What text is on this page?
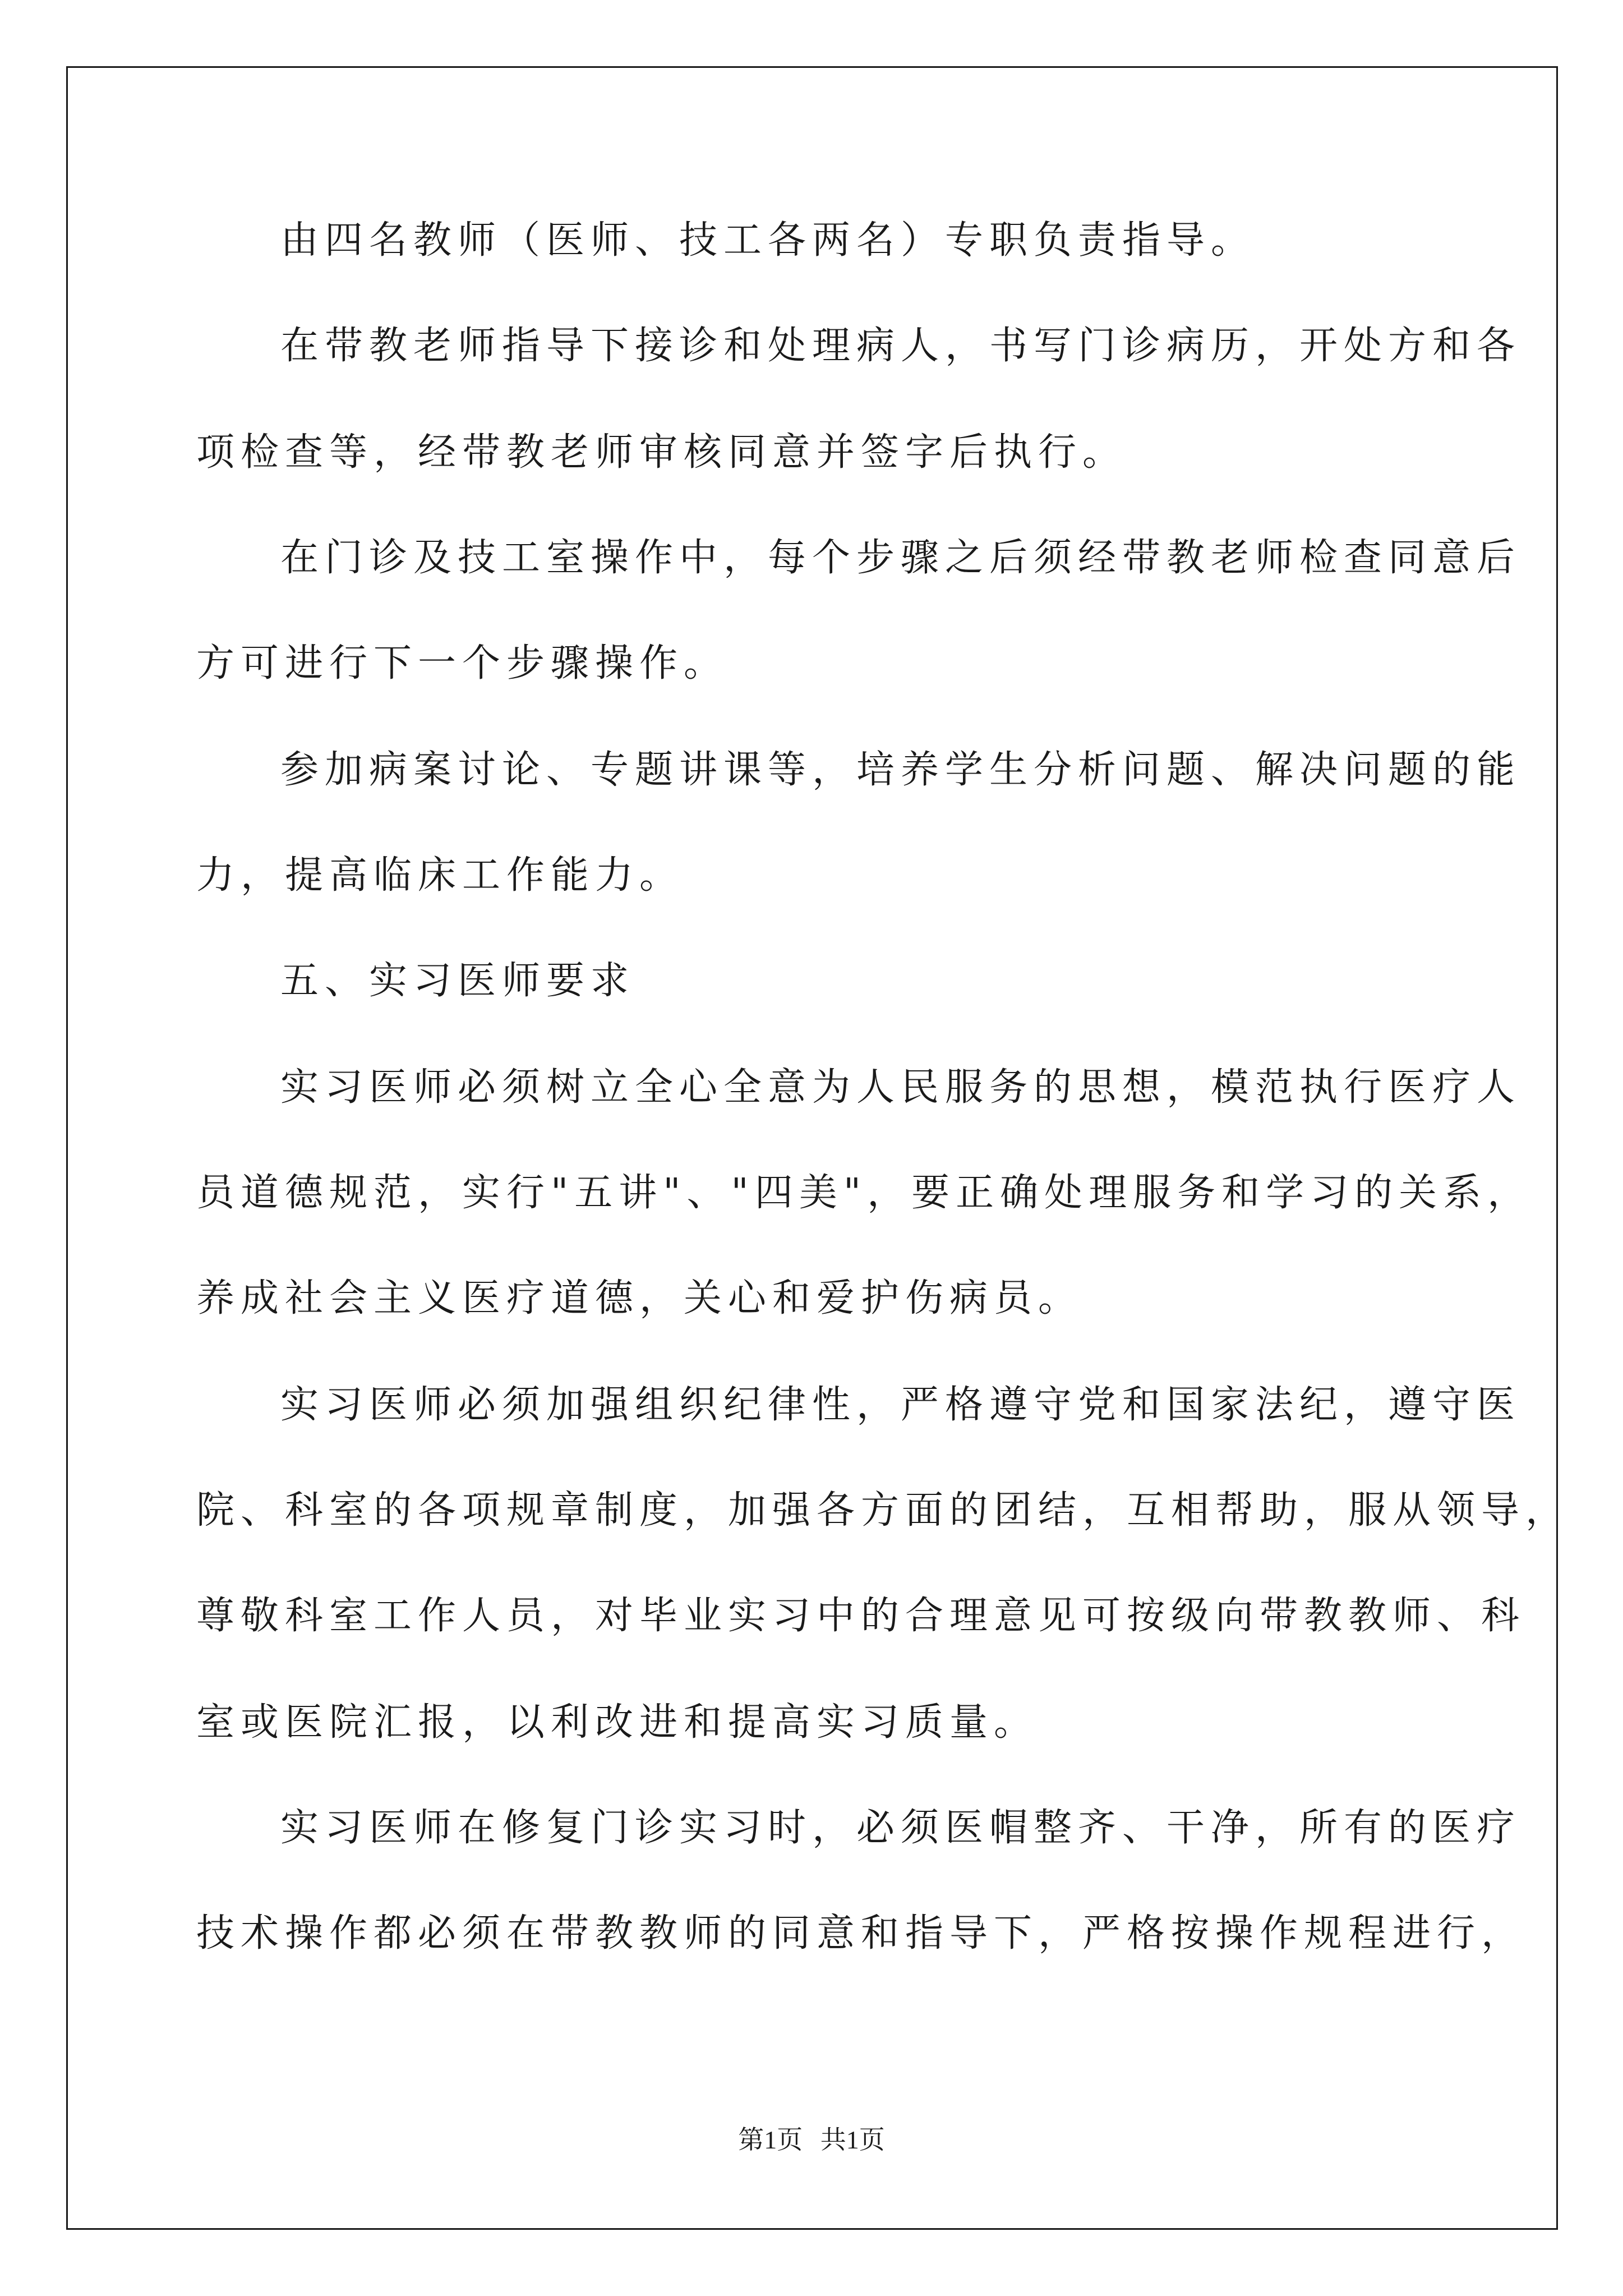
由四名教师（医师、技工各两名）专职负责指导。
在带教老师指导下接诊和处理病人，书写门诊病历，开处方和各
项检查等，经带教老师审核同意并签字后执行。
在门诊及技工室操作中，每个步骤之后须经带教老师检查同意后
方可进行下一个步骤操作。
参加病案讨论、专题讲课等，培养学生分析问题、解决问题的能
力，提高临床工作能力。
五、实习医师要求
实习医师必须树立全心全意为人民服务的思想，模范执行医疗人
员道德规范，实行"五讲"、"四美"，要正确处理服务和学习的关系，
养成社会主义医疗道德，关心和爱护伤病员。
实习医师必须加强组织纪律性，严格遵守党和国家法纪，遵守医
院、科室的各项规章制度，加强各方面的团结，互相帮助，服从领导，
尊敬科室工作人员，对毕业实习中的合理意见可按级向带教教师、科
室或医院汇报，以利改进和提高实习质量。
实习医师在修复门诊实习时，必须医帽整齐、干净，所有的医疗
技术操作都必须在带教教师的同意和指导下，严格按操作规程进行，
第1页 共1页
